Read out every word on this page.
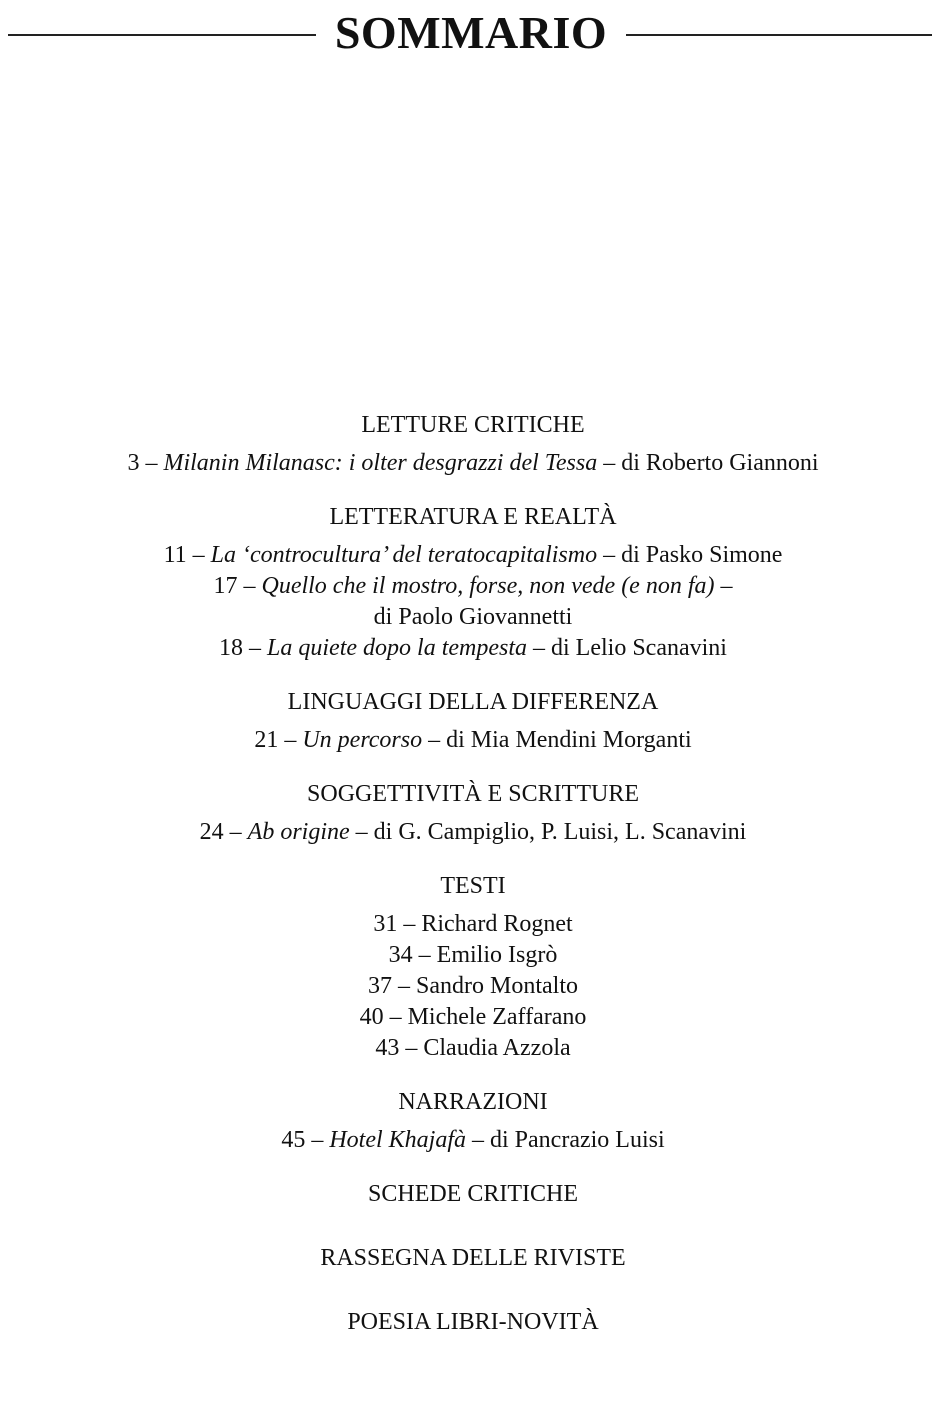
SOMMARIO
LETTURE CRITICHE
3 – Milanin Milanasc: i olter desgrazzi del Tessa – di Roberto Giannoni
LETTERATURA E REALTÀ
11 – La ‘controcultura’ del teratocapitalismo – di Pasko Simone
17 – Quello che il mostro, forse, non vede (e non fa) –
di Paolo Giovannetti
18 – La quiete dopo la tempesta – di Lelio Scanavini
LINGUAGGI DELLA DIFFERENZA
21 – Un percorso – di Mia Mendini Morganti
SOGGETTIVITÀ E SCRITTURE
24 – Ab origine – di G. Campiglio, P. Luisi, L. Scanavini
TESTI
31 – Richard Rognet
34 – Emilio Isgrò
37 – Sandro Montalto
40 – Michele Zaffarano
43 – Claudia Azzola
NARRAZIONI
45 – Hotel Khajafà – di Pancrazio Luisi
SCHEDE CRITICHE
RASSEGNA DELLE RIVISTE
POESIA LIBRI-NOVITÀ
